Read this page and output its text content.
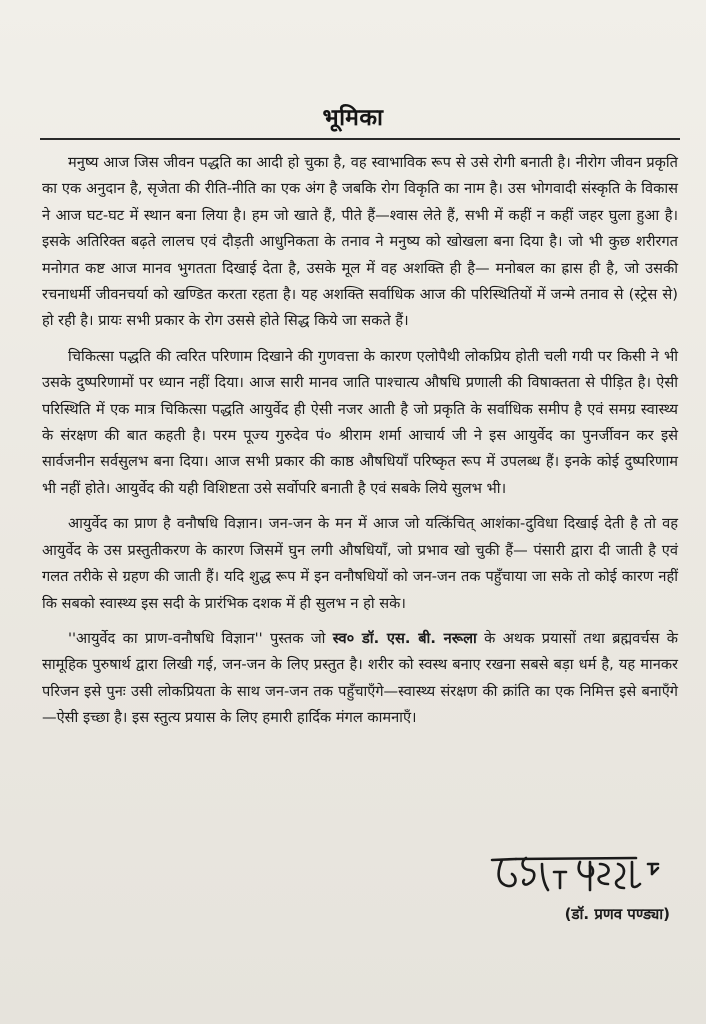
भूमिका

मनुष्य आज जिस जीवन पद्धति का आदी हो चुका है, वह स्वाभाविक रूप से उसे रोगी बनाती है। नीरोग जीवन प्रकृति का एक अनुदान है, सृजेता की रीति-नीति का एक अंग है जबकि रोग विकृति का नाम है। उस भोगवादी संस्कृति के विकास ने आज घट-घट में स्थान बना लिया है। हम जो खाते हैं, पीते हैं—श्वास लेते हैं, सभी में कहीं न कहीं जहर घुला हुआ है। इसके अतिरिक्त बढ़ते लालच एवं दौड़ती आधुनिकता के तनाव ने मनुष्य को खोखला बना दिया है। जो भी कुछ शरीरगत मनोगत कष्ट आज मानव भुगतता दिखाई देता है, उसके मूल में वह अशक्ति ही है— मनोबल का ह्रास ही है, जो उसकी रचनाधर्मी जीवनचर्या को खण्डित करता रहता है। यह अशक्ति सर्वाधिक आज की परिस्थितियों में जन्मे तनाव से (स्ट्रेस से) हो रही है। प्रायः सभी प्रकार के रोग उससे होते सिद्ध किये जा सकते हैं।

चिकित्सा पद्धति की त्वरित परिणाम दिखाने की गुणवत्ता के कारण एलोपैथी लोकप्रिय होती चली गयी पर किसी ने भी उसके दुष्परिणामों पर ध्यान नहीं दिया। आज सारी मानव जाति पाश्चात्य औषधि प्रणाली की विषाक्तता से पीड़ित है। ऐसी परिस्थिति में एक मात्र चिकित्सा पद्धति आयुर्वेद ही ऐसी नजर आती है जो प्रकृति के सर्वाधिक समीप है एवं समग्र स्वास्थ्य के संरक्षण की बात कहती है। परम पूज्य गुरुदेव पं० श्रीराम शर्मा आचार्य जी ने इस आयुर्वेद का पुनर्जीवन कर इसे सार्वजनीन सर्वसुलभ बना दिया। आज सभी प्रकार की काष्ठ औषधियाँ परिष्कृत रूप में उपलब्ध हैं। इनके कोई दुष्परिणाम भी नहीं होते। आयुर्वेद की यही विशिष्टता उसे सर्वोपरि बनाती है एवं सबके लिये सुलभ भी।

आयुर्वेद का प्राण है वनौषधि विज्ञान। जन-जन के मन में आज जो यत्किंचित् आशंका-दुविधा दिखाई देती है तो वह आयुर्वेद के उस प्रस्तुतीकरण के कारण जिसमें घुन लगी औषधियाँ, जो प्रभाव खो चुकी हैं— पंसारी द्वारा दी जाती है एवं गलत तरीके से ग्रहण की जाती हैं। यदि शुद्ध रूप में इन वनौषधियों को जन-जन तक पहुँचाया जा सके तो कोई कारण नहीं कि सबको स्वास्थ्य इस सदी के प्रारंभिक दशक में ही सुलभ न हो सके।

''आयुर्वेद का प्राण-वनौषधि विज्ञान'' पुस्तक जो स्व० डॉ. एस. बी. नरूला के अथक प्रयासों तथा ब्रह्मवर्चस के सामूहिक पुरुषार्थ द्वारा लिखी गई, जन-जन के लिए प्रस्तुत है। शरीर को स्वस्थ बनाए रखना सबसे बड़ा धर्म है, यह मानकर परिजन इसे पुनः उसी लोकप्रियता के साथ जन-जन तक पहुँचाएँगे—स्वास्थ्य संरक्षण की क्रांति का एक निमित्त इसे बनाएँगे—ऐसी इच्छा है। इस स्तुत्य प्रयास के लिए हमारी हार्दिक मंगल कामनाएँ।

(डॉ. प्रणव पण्ड्या)
